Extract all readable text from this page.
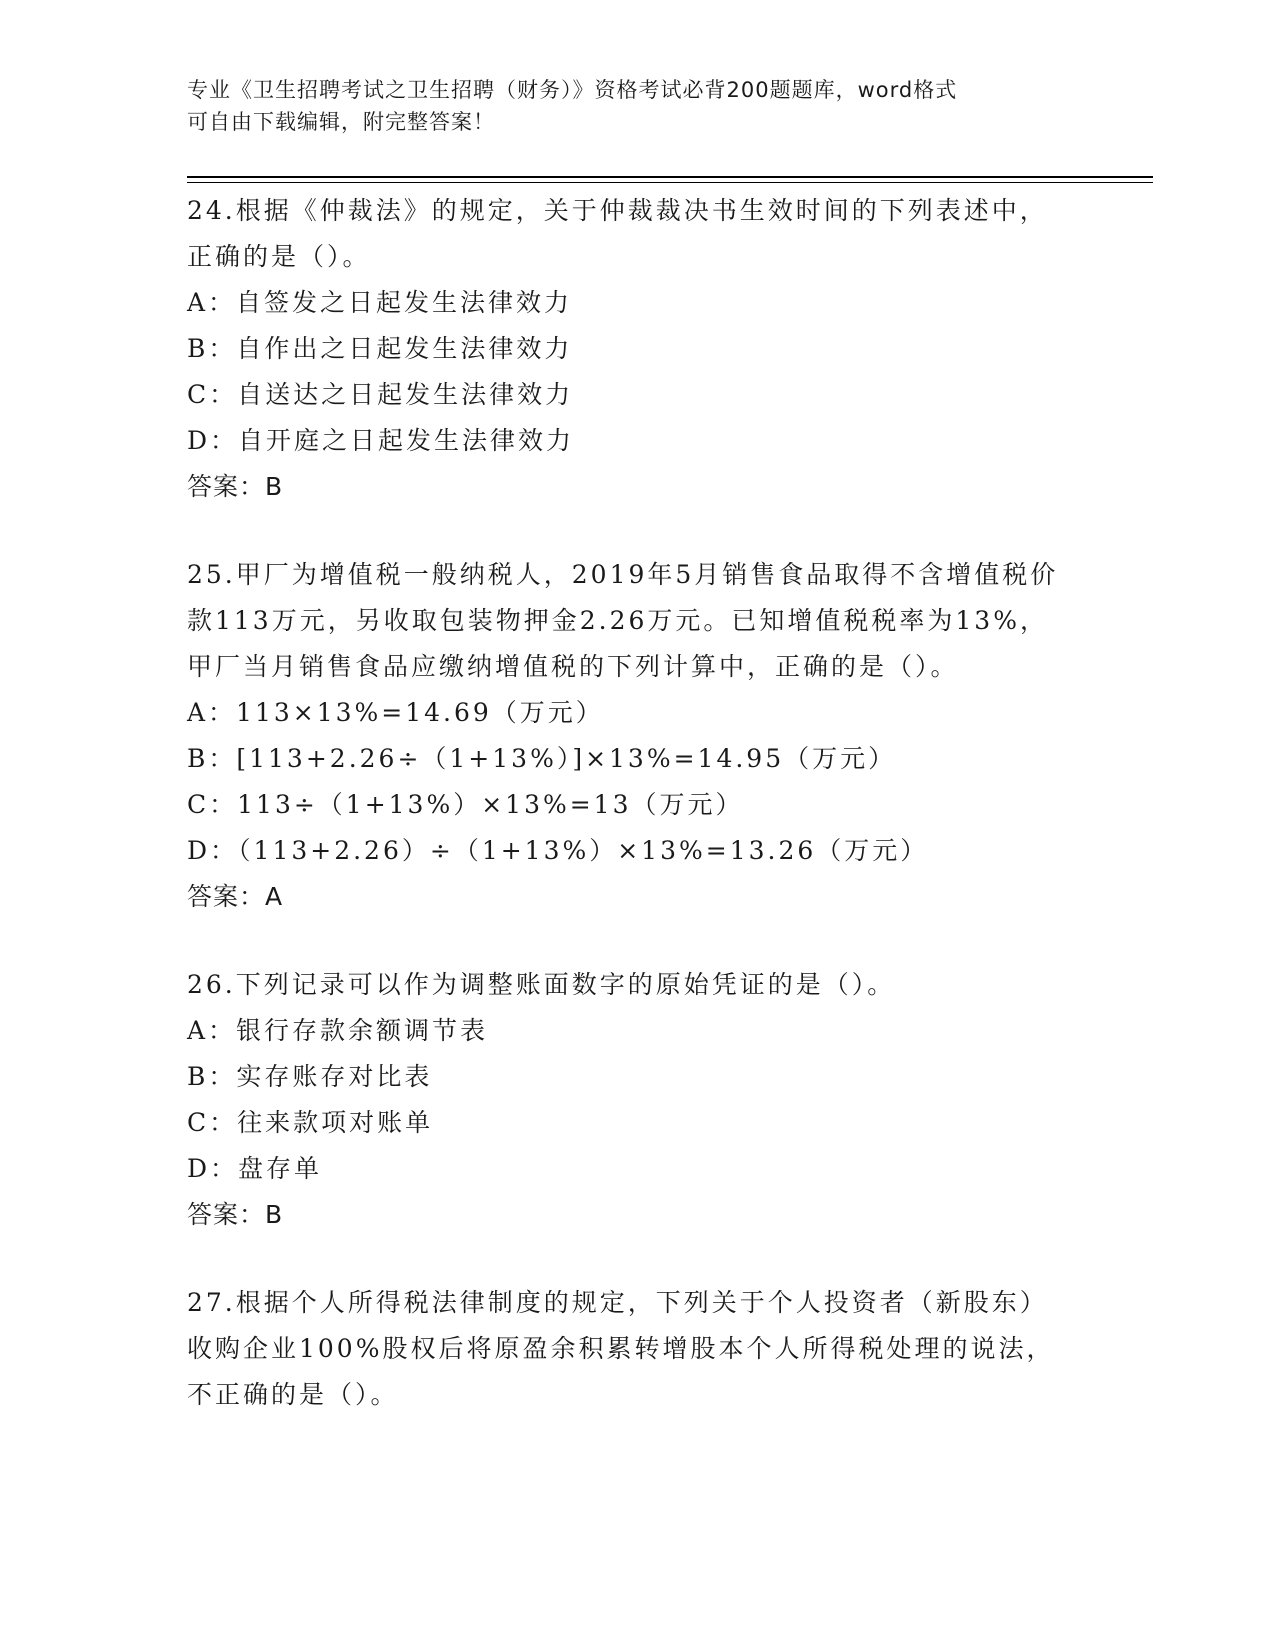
专业《卫生招聘考试之卫生招聘（财务）》资格考试必背200题题库，word格式
可自由下载编辑，附完整答案！
24.根据《仲裁法》的规定，关于仲裁裁决书生效时间的下列表述中，
正确的是（）。
A：自签发之日起发生法律效力
B：自作出之日起发生法律效力
C：自送达之日起发生法律效力
D：自开庭之日起发生法律效力
答案：B
25.甲厂为增值税一般纳税人，2019年5月销售食品取得不含增值税价
款113万元，另收取包装物押金2.26万元。已知增值税税率为13%，
甲厂当月销售食品应缴纳增值税的下列计算中，正确的是（）。
A：113×13%=14.69（万元）
B：[113+2.26÷（1+13%）]×13%=14.95（万元）
C：113÷（1+13%）×13%=13（万元）
D：（113+2.26）÷（1+13%）×13%=13.26（万元）
答案：A
26.下列记录可以作为调整账面数字的原始凭证的是（）。
A：银行存款余额调节表
B：实存账存对比表
C：往来款项对账单
D：盘存单
答案：B
27.根据个人所得税法律制度的规定，下列关于个人投资者（新股东）
收购企业100%股权后将原盈余积累转增股本个人所得税处理的说法，
不正确的是（）。
